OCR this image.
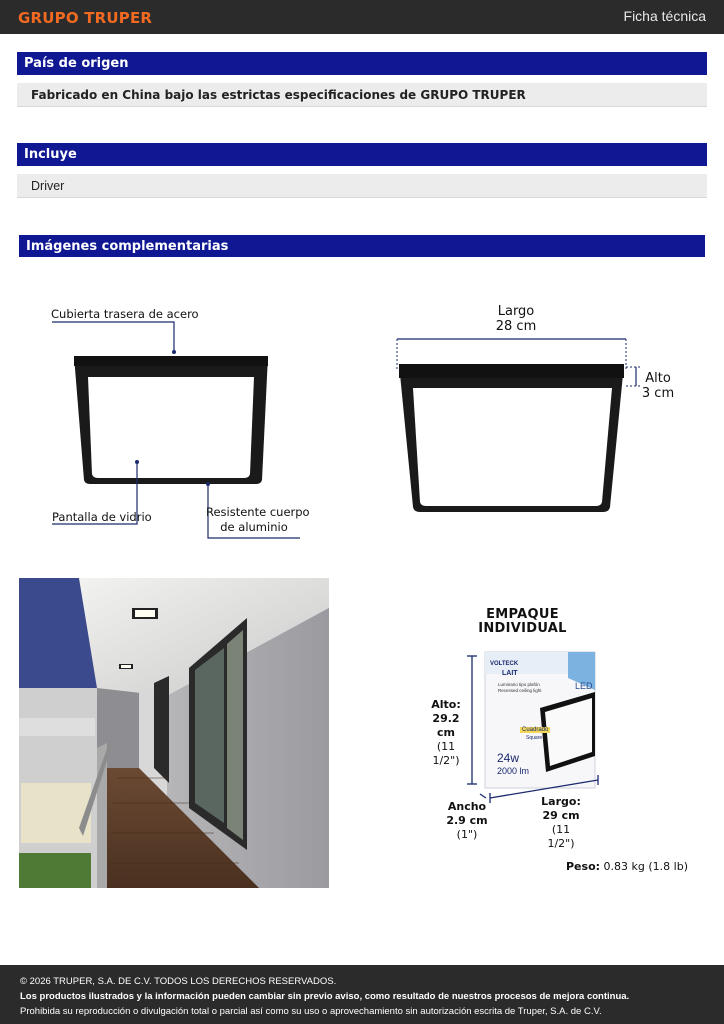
GRUPO TRUPER	Ficha técnica
País de origen
Fabricado en China bajo las estrictas especificaciones de GRUPO TRUPER
Incluye
Driver
Imágenes complementarias
Cubierta trasera de acero
Pantalla de vidrio	Resistente cuerpo
de aluminio
Largo
28 cm
Alto
3 cm
EMPAQUE INDIVIDUAL
VOLTECK
LAIT
Luminario tipo plafón
Recessed ceiling light	LED
Cuadrado
Square
24w
2000 lm
Alto:
29.2 cm
(11 1/2")
Ancho
2.9 cm
(1")
Largo:
29 cm
(11 1/2")
Peso: 0.83 kg (1.8 lb)
© 2026 TRUPER, S.A. DE C.V. TODOS LOS DERECHOS RESERVADOS.
Los productos ilustrados y la información pueden cambiar sin previo aviso, como resultado de nuestros procesos de mejora continua.
Prohibida su reproducción o divulgación total o parcial así como su uso o aprovechamiento sin autorización escrita de Truper, S.A. de C.V.
